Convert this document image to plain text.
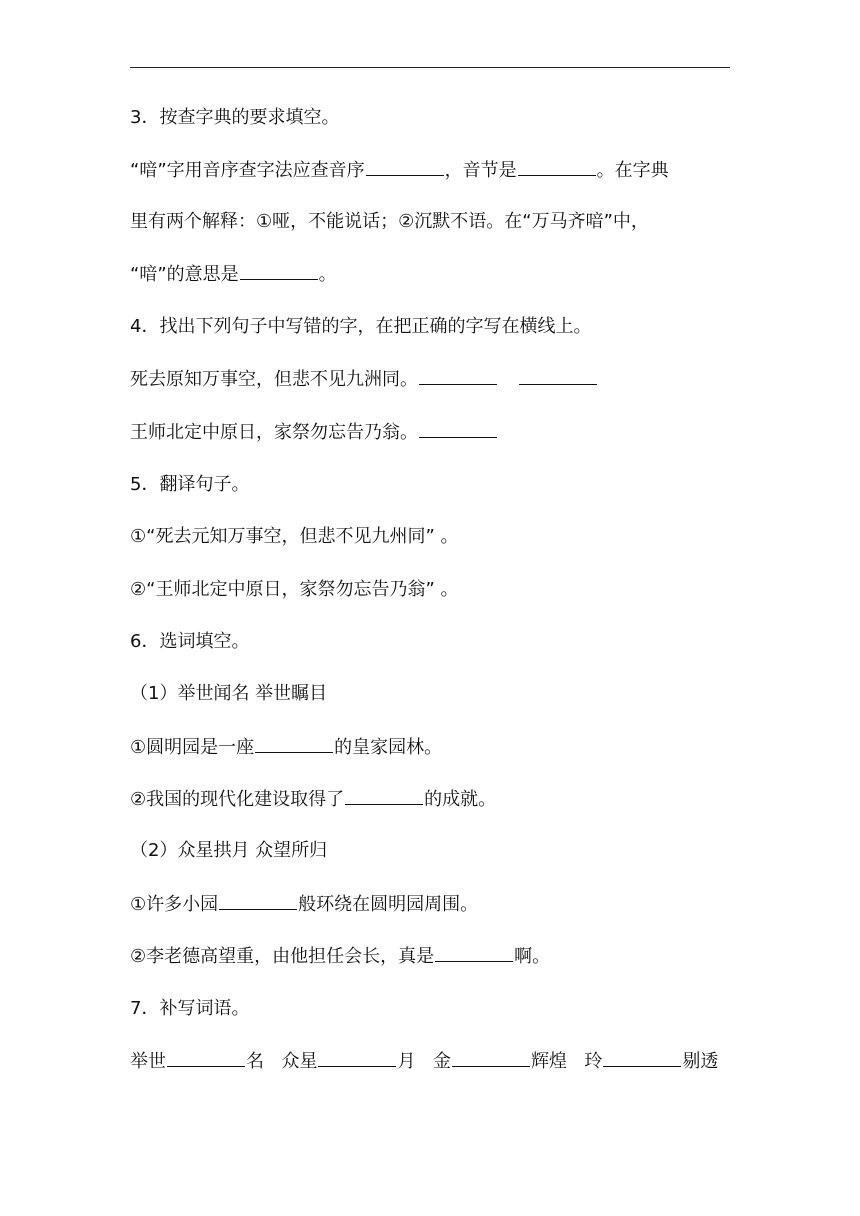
3．按查字典的要求填空。
“喑”字用音序查字法应查音序	，音节是	。在字典
里有两个解释：①哑，不能说话；②沉默不语。在“万马齐喑”中，
“喑”的意思是	。
4．找出下列句子中写错的字，在把正确的字写在横线上。
死去原知万事空，但悲不见九洲同。
王师北定中原日，家祭勿忘告乃翁。
5．翻译句子。
①“死去元知万事空，但悲不见九州同” 。
②“王师北定中原日，家祭勿忘告乃翁” 。
6．选词填空。
（1）举世闻名 举世瞩目
①圆明园是一座	的皇家园林。
②我国的现代化建设取得了	的成就。
（2）众星拱月 众望所归
①许多小园	般环绕在圆明园周围。
②李老德高望重，由他担任会长，真是	啊。
7．补写词语。
举世	名 众星	月 金	辉煌 玲	剔透
